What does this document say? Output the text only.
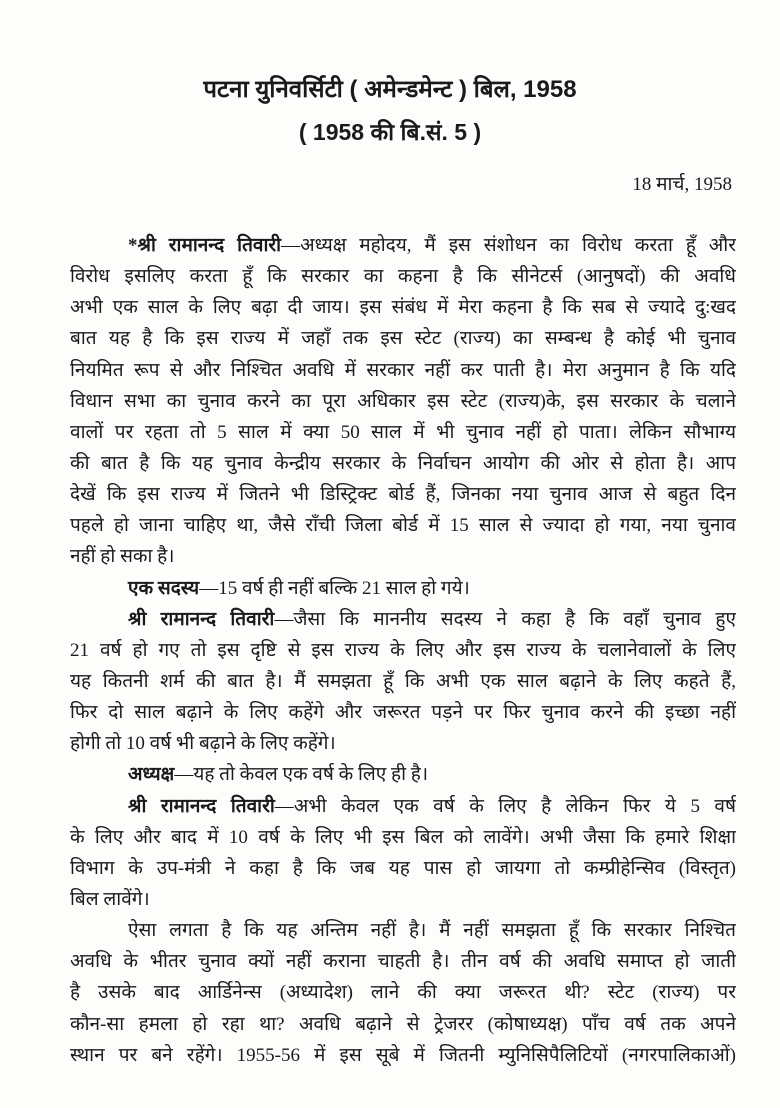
पटना युनिवर्सिटी ( अमेन्डमेन्ट ) बिल, 1958
( 1958 की बि.सं. 5 )
18 मार्च, 1958
*श्री रामानन्द तिवारी—अध्यक्ष महोदय, मैं इस संशोधन का विरोध करता हूँ और
विरोध इसलिए करता हूँ कि सरकार का कहना है कि सीनेटर्स (आनुषदों) की अवधि
अभी एक साल के लिए बढ़ा दी जाय। इस संबंध में मेरा कहना है कि सब से ज्यादे दु:खद
बात यह है कि इस राज्य में जहाँ तक इस स्टेट (राज्य) का सम्बन्ध है कोई भी चुनाव
नियमित रूप से और निश्चित अवधि में सरकार नहीं कर पाती है। मेरा अनुमान है कि यदि
विधान सभा का चुनाव करने का पूरा अधिकार इस स्टेट (राज्य)के, इस सरकार के चलाने
वालों पर रहता तो 5 साल में क्या 50 साल में भी चुनाव नहीं हो पाता। लेकिन सौभाग्य
की बात है कि यह चुनाव केन्द्रीय सरकार के निर्वाचन आयोग की ओर से होता है। आप
देखें कि इस राज्य में जितने भी डिस्ट्रिक्ट बोर्ड हैं, जिनका नया चुनाव आज से बहुत दिन
पहले हो जाना चाहिए था, जैसे राँची जिला बोर्ड में 15 साल से ज्यादा हो गया, नया चुनाव
नहीं हो सका है।
एक सदस्य—15 वर्ष ही नहीं बल्कि 21 साल हो गये।
श्री रामानन्द तिवारी—जैसा कि माननीय सदस्य ने कहा है कि वहाँ चुनाव हुए
21 वर्ष हो गए तो इस दृष्टि से इस राज्य के लिए और इस राज्य के चलानेवालों के लिए
यह कितनी शर्म की बात है। मैं समझता हूँ कि अभी एक साल बढ़ाने के लिए कहते हैं,
फिर दो साल बढ़ाने के लिए कहेंगे और जरूरत पड़ने पर फिर चुनाव करने की इच्छा नहीं
होगी तो 10 वर्ष भी बढ़ाने के लिए कहेंगे।
अध्यक्ष—यह तो केवल एक वर्ष के लिए ही है।
श्री रामानन्द तिवारी—अभी केवल एक वर्ष के लिए है लेकिन फिर ये 5 वर्ष
के लिए और बाद में 10 वर्ष के लिए भी इस बिल को लावेंगे। अभी जैसा कि हमारे शिक्षा
विभाग के उप-मंत्री ने कहा है कि जब यह पास हो जायगा तो कम्प्रीहेन्सिव (विस्तृत)
बिल लावेंगे।
ऐसा लगता है कि यह अन्तिम नहीं है। मैं नहीं समझता हूँ कि सरकार निश्चित
अवधि के भीतर चुनाव क्यों नहीं कराना चाहती है। तीन वर्ष की अवधि समाप्त हो जाती
है उसके बाद आर्डिनेन्स (अध्यादेश) लाने की क्या जरूरत थी? स्टेट (राज्य) पर
कौन-सा हमला हो रहा था? अवधि बढ़ाने से ट्रेजरर (कोषाध्यक्ष) पाँच वर्ष तक अपने
स्थान पर बने रहेंगे। 1955-56 में इस सूबे में जितनी म्युनिसिपैलिटियों (नगरपालिकाओं)
